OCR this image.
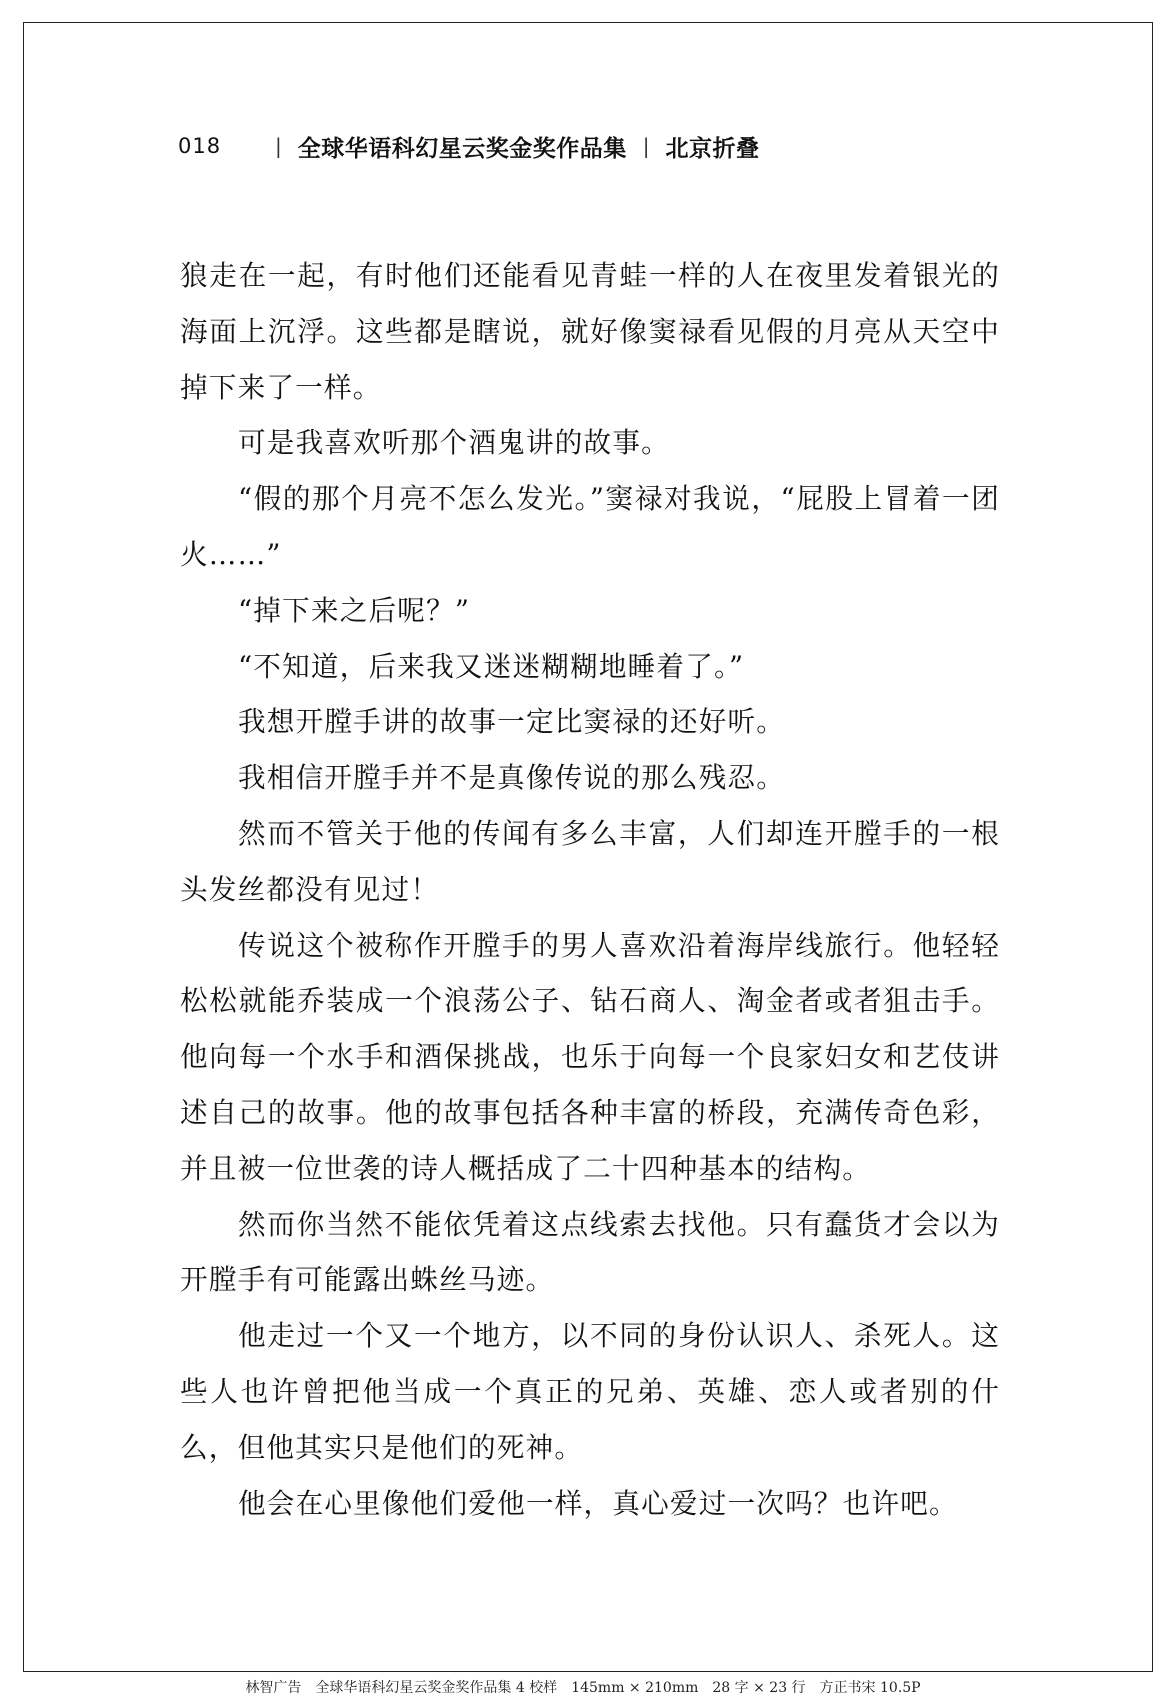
018	| 全球华语科幻星云奖金奖作品集 | 北京折叠

狼走在一起，有时他们还能看见青蛙一样的人在夜里发着银光的海面上沉浮。这些都是瞎说，就好像窦禄看见假的月亮从天空中掉下来了一样。

可是我喜欢听那个酒鬼讲的故事。

“假的那个月亮不怎么发光。”窦禄对我说，“屁股上冒着一团火……”

“掉下来之后呢？”

“不知道，后来我又迷迷糊糊地睡着了。”

我想开膛手讲的故事一定比窦禄的还好听。

我相信开膛手并不是真像传说的那么残忍。

然而不管关于他的传闻有多么丰富，人们却连开膛手的一根头发丝都没有见过！

传说这个被称作开膛手的男人喜欢沿着海岸线旅行。他轻轻松松就能乔装成一个浪荡公子、钻石商人、淘金者或者狙击手。他向每一个水手和酒保挑战，也乐于向每一个良家妇女和艺伎讲述自己的故事。他的故事包括各种丰富的桥段，充满传奇色彩，并且被一位世袭的诗人概括成了二十四种基本的结构。

然而你当然不能依凭着这点线索去找他。只有蠢货才会以为开膛手有可能露出蛛丝马迹。

他走过一个又一个地方，以不同的身份认识人、杀死人。这些人也许曾把他当成一个真正的兄弟、英雄、恋人或者别的什么，但他其实只是他们的死神。

他会在心里像他们爱他一样，真心爱过一次吗？也许吧。

林智广告　全球华语科幻星云奖金奖作品集 4 校样　145mm × 210mm　28 字 × 23 行　方正书宋 10.5P
